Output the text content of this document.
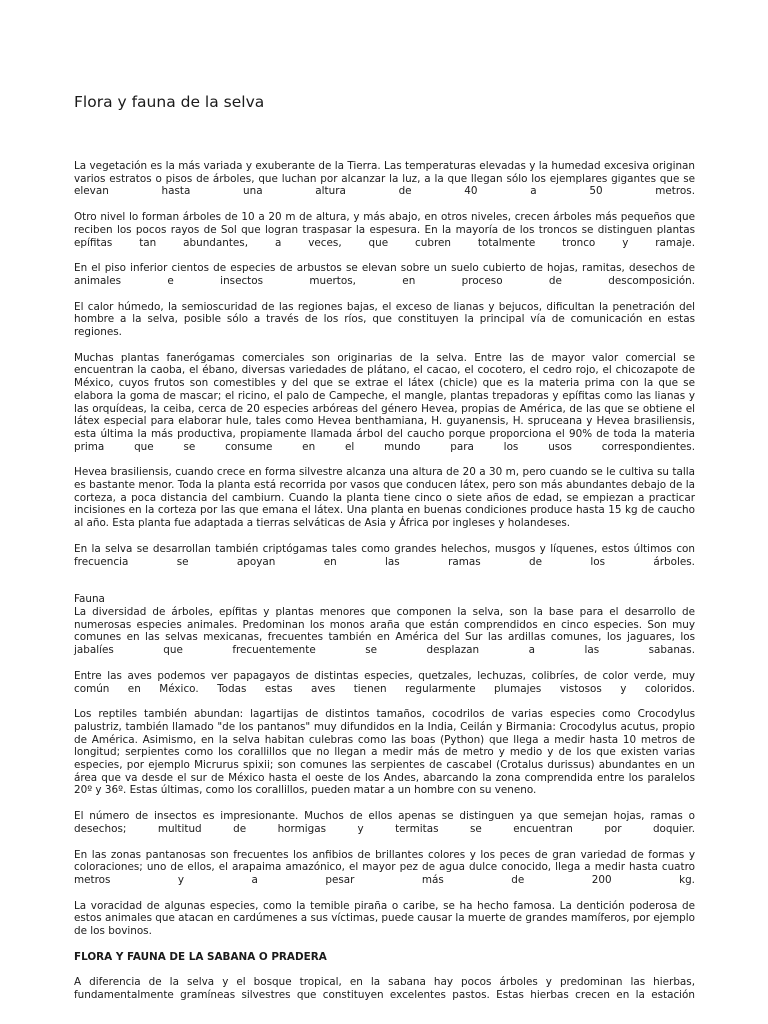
Flora y fauna de la selva

La vegetación es la más variada y exuberante de la Tierra. Las temperaturas elevadas y la humedad excesiva originan varios estratos o pisos de árboles, que luchan por alcanzar la luz, a la que llegan sólo los ejemplares gigantes que se elevan hasta una altura de 40 a 50 metros.

Otro nivel lo forman árboles de 10 a 20 m de altura, y más abajo, en otros niveles, crecen árboles más pequeños que reciben los pocos rayos de Sol que logran traspasar la espesura. En la mayoría de los troncos se distinguen plantas epífitas tan abundantes, a veces, que cubren totalmente tronco y ramaje.

En el piso inferior cientos de especies de arbustos se elevan sobre un suelo cubierto de hojas, ramitas, desechos de animales e insectos muertos, en proceso de descomposición.

El calor húmedo, la semioscuridad de las regiones bajas, el exceso de lianas y bejucos, dificultan la penetración del hombre a la selva, posible sólo a través de los ríos, que constituyen la principal vía de comunicación en estas regiones.

Muchas plantas fanerógamas comerciales son originarias de la selva. Entre las de mayor valor comercial se encuentran la caoba, el ébano, diversas variedades de plátano, el cacao, el cocotero, el cedro rojo, el chicozapote de México, cuyos frutos son comestibles y del que se extrae el látex (chicle) que es la materia prima con la que se elabora la goma de mascar; el ricino, el palo de Campeche, el mangle, plantas trepadoras y epífitas como las lianas y las orquídeas, la ceiba, cerca de 20 especies arbóreas del género Hevea, propias de América, de las que se obtiene el látex especial para elaborar hule, tales como Hevea benthamiana, H. guyanensis, H. spruceana y Hevea brasiliensis, esta última la más productiva, propiamente llamada árbol del caucho porque proporciona el 90% de toda la materia prima que se consume en el mundo para los usos correspondientes.

Hevea brasiliensis, cuando crece en forma silvestre alcanza una altura de 20 a 30 m, pero cuando se le cultiva su talla es bastante menor. Toda la planta está recorrida por vasos que conducen látex, pero son más abundantes debajo de la corteza, a poca distancia del cambiurn. Cuando la planta tiene cinco o siete años de edad, se empiezan a practicar incisiones en la corteza por las que emana el látex. Una planta en buenas condiciones produce hasta 15 kg de caucho al año. Esta planta fue adaptada a tierras selváticas de Asia y África por ingleses y holandeses.

En la selva se desarrollan también criptógamas tales como grandes helechos, musgos y líquenes, estos últimos con frecuencia se apoyan en las ramas de los árboles.

Fauna

La diversidad de árboles, epífitas y plantas menores que componen la selva, son la base para el desarrollo de numerosas especies animales. Predominan los monos araña que están comprendidos en cinco especies. Son muy comunes en las selvas mexicanas, frecuentes también en América del Sur las ardillas comunes, los jaguares, los jabalíes que frecuentemente se desplazan a las sabanas.

Entre las aves podemos ver papagayos de distintas especies, quetzales, lechuzas, colibríes, de color verde, muy común en México. Todas estas aves tienen regularmente plumajes vistosos y coloridos.

Los reptiles también abundan: lagartijas de distintos tamaños, cocodrilos de varias especies como Crocodylus palustriz, también llamado "de los pantanos" muy difundidos en la India, Ceilán y Birmania: Crocodylus acutus, propio de América. Asimismo, en la selva habitan culebras como las boas (Python) que llega a medir hasta 10 metros de longitud; serpientes como los corallillos que no llegan a medir más de metro y medio y de los que existen varias especies, por ejemplo Micrurus spixii; son comunes las serpientes de cascabel (Crotalus durissus) abundantes en un área que va desde el sur de México hasta el oeste de los Andes, abarcando la zona comprendida entre los paralelos 20º y 36º. Estas últimas, como los corallillos, pueden matar a un hombre con su veneno.

El número de insectos es impresionante. Muchos de ellos apenas se distinguen ya que semejan hojas, ramas o desechos; multitud de hormigas y termitas se encuentran por doquier.

En las zonas pantanosas son frecuentes los anfibios de brillantes colores y los peces de gran variedad de formas y coloraciones; uno de ellos, el arapaima amazónico, el mayor pez de agua dulce conocido, llega a medir hasta cuatro metros y a pesar más de 200 kg.

La voracidad de algunas especies, como la temible piraña o caribe, se ha hecho famosa. La dentición poderosa de estos animales que atacan en cardúmenes a sus víctimas, puede causar la muerte de grandes mamíferos, por ejemplo de los bovinos.

FLORA Y FAUNA DE LA SABANA O PRADERA

A diferencia de la selva y el bosque tropical, en la sabana hay pocos árboles y predominan las hierbas, fundamentalmente gramíneas silvestres que constituyen excelentes pastos. Estas hierbas crecen en la estación
